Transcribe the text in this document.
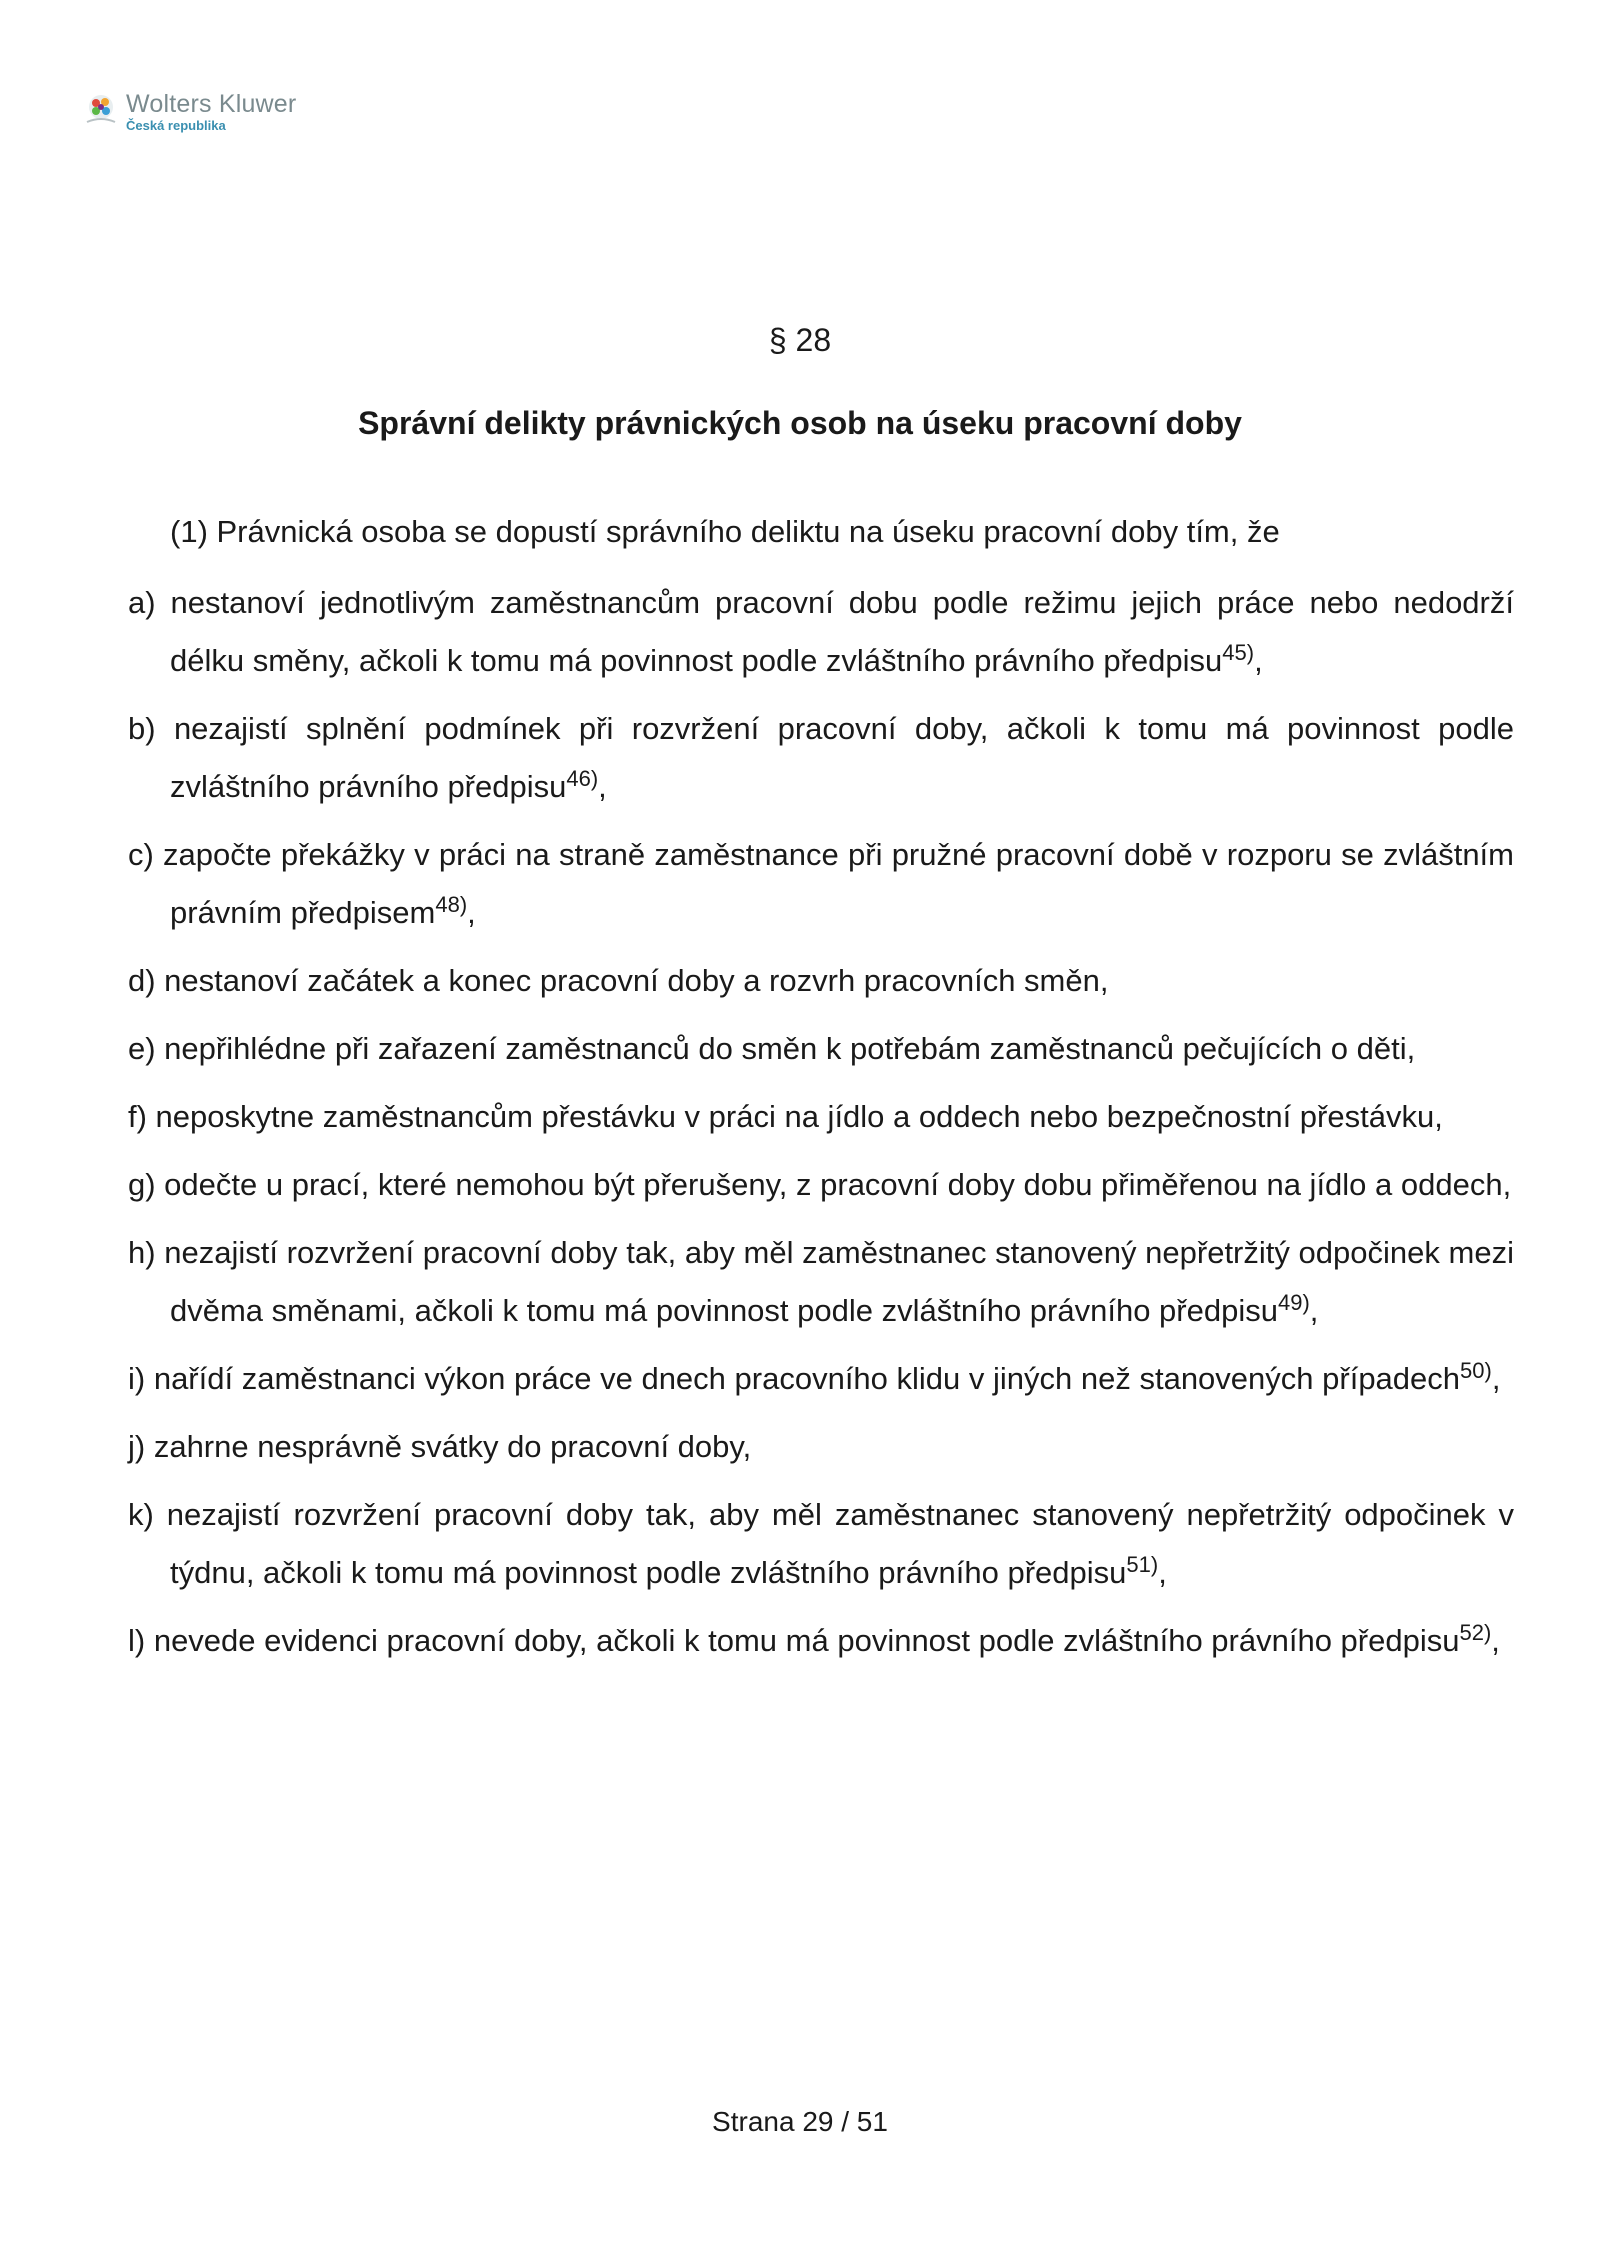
Wolters Kluwer
Česká republika
§ 28
Správní delikty právnických osob na úseku pracovní doby
(1) Právnická osoba se dopustí správního deliktu na úseku pracovní doby tím, že
a) nestanoví jednotlivým zaměstnancům pracovní dobu podle režimu jejich práce nebo nedodrží délku směny, ačkoli k tomu má povinnost podle zvláštního právního předpisu$^{45)}$,
b) nezajistí splnění podmínek při rozvržení pracovní doby, ačkoli k tomu má povinnost podle zvláštního právního předpisu$^{46)}$,
c) započte překážky v práci na straně zaměstnance při pružné pracovní době v rozporu se zvláštním právním předpisem$^{48)}$,
d) nestanoví začátek a konec pracovní doby a rozvrh pracovních směn,
e) nepřihlédne při zařazení zaměstnanců do směn k potřebám zaměstnanců pečujících o děti,
f) neposkytne zaměstnancům přestávku v práci na jídlo a oddech nebo bezpečnostní přestávku,
g) odečte u prací, které nemohou být přerušeny, z pracovní doby dobu přiměřenou na jídlo a oddech,
h) nezajistí rozvržení pracovní doby tak, aby měl zaměstnanec stanovený nepřetržitý odpočinek mezi dvěma směnami, ačkoli k tomu má povinnost podle zvláštního právního předpisu$^{49)}$,
i) nařídí zaměstnanci výkon práce ve dnech pracovního klidu v jiných než stanovených případech$^{50)}$,
j) zahrne nesprávně svátky do pracovní doby,
k) nezajistí rozvržení pracovní doby tak, aby měl zaměstnanec stanovený nepřetržitý odpočinek v týdnu, ačkoli k tomu má povinnost podle zvláštního právního předpisu$^{51)}$,
l) nevede evidenci pracovní doby, ačkoli k tomu má povinnost podle zvláštního právního předpisu$^{52)}$,
Strana 29 / 51
